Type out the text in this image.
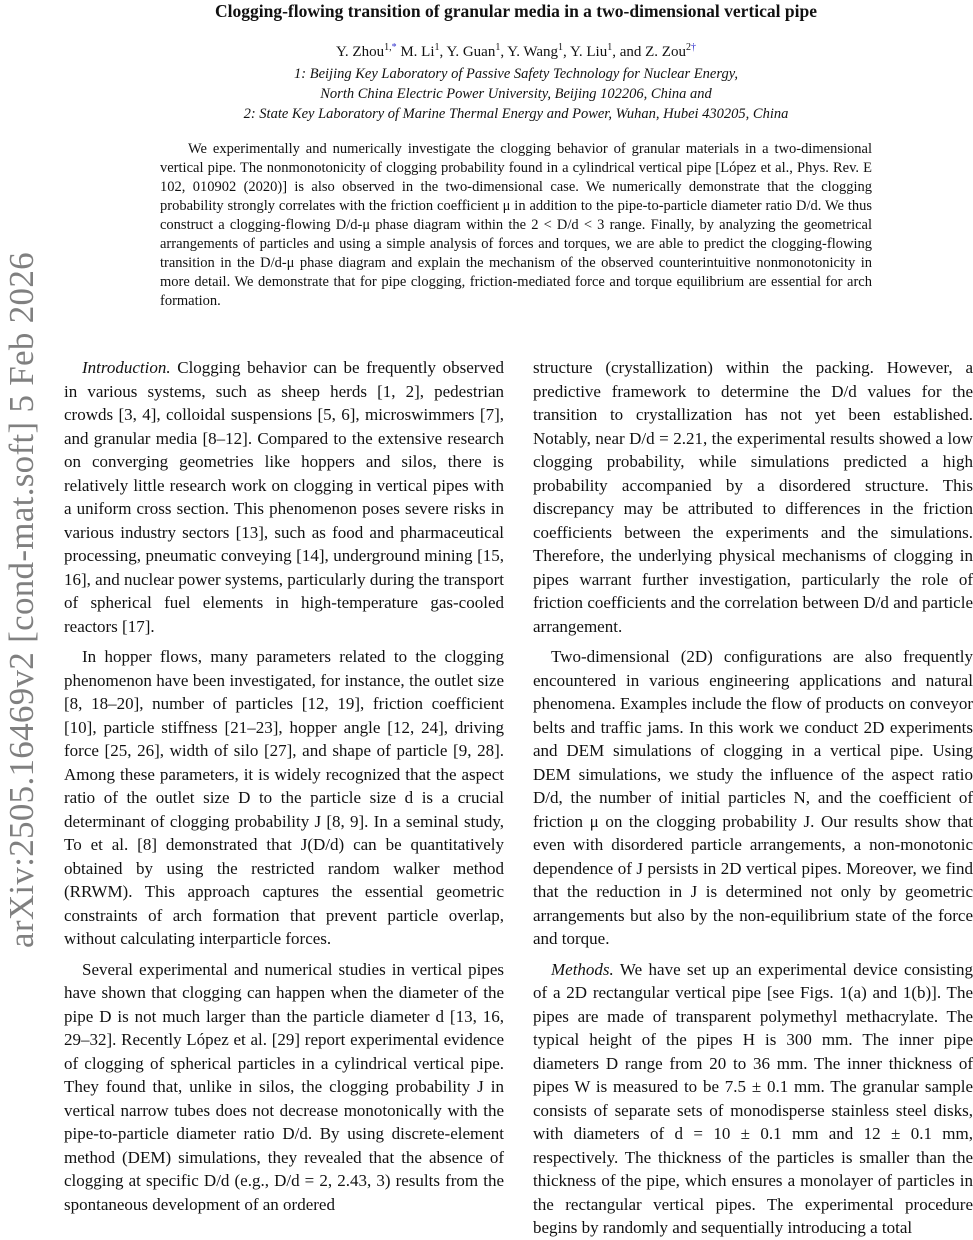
arXiv:2505.16469v2 [cond-mat.soft] 5 Feb 2026
Clogging-flowing transition of granular media in a two-dimensional vertical pipe
Y. Zhou$^{1,*}$ M. Li$^1$, Y. Guan$^1$, Y. Wang$^1$, Y. Liu$^1$, and Z. Zou$^{2\dagger}$
1: Beijing Key Laboratory of Passive Safety Technology for Nuclear Energy,
North China Electric Power University, Beijing 102206, China and
2: State Key Laboratory of Marine Thermal Energy and Power, Wuhan, Hubei 430205, China

We experimentally and numerically investigate the clogging behavior of granular materials in a two-dimensional vertical pipe. The nonmonotonicity of clogging probability found in a cylindrical vertical pipe [López et al., Phys. Rev. E 102, 010902 (2020)] is also observed in the two-dimensional case. We numerically demonstrate that the clogging probability strongly correlates with the friction coefficient μ in addition to the pipe-to-particle diameter ratio D/d. We thus construct a clogging-flowing D/d-μ phase diagram within the 2 < D/d < 3 range. Finally, by analyzing the geometrical arrangements of particles and using a simple analysis of forces and torques, we are able to predict the clogging-flowing transition in the D/d-μ phase diagram and explain the mechanism of the observed counterintuitive nonmonotonicity in more detail. We demonstrate that for pipe clogging, friction-mediated force and torque equilibrium are essential for arch formation.

Introduction. Clogging behavior can be frequently observed in various systems, such as sheep herds [1, 2], pedestrian crowds [3, 4], colloidal suspensions [5, 6], microswimmers [7], and granular media [8–12]. Compared to the extensive research on converging geometries like hoppers and silos, there is relatively little research work on clogging in vertical pipes with a uniform cross section. This phenomenon poses severe risks in various industry sectors [13], such as food and pharmaceutical processing, pneumatic conveying [14], underground mining [15, 16], and nuclear power systems, particularly during the transport of spherical fuel elements in high-temperature gas-cooled reactors [17].

In hopper flows, many parameters related to the clogging phenomenon have been investigated, for instance, the outlet size [8, 18–20], number of particles [12, 19], friction coefficient [10], particle stiffness [21–23], hopper angle [12, 24], driving force [25, 26], width of silo [27], and shape of particle [9, 28]. Among these parameters, it is widely recognized that the aspect ratio of the outlet size D to the particle size d is a crucial determinant of clogging probability J [8, 9]. In a seminal study, To et al. [8] demonstrated that J(D/d) can be quantitatively obtained by using the restricted random walker method (RRWM). This approach captures the essential geometric constraints of arch formation that prevent particle overlap, without calculating interparticle forces.

Several experimental and numerical studies in vertical pipes have shown that clogging can happen when the diameter of the pipe D is not much larger than the particle diameter d [13, 16, 29–32]. Recently López et al. [29] report experimental evidence of clogging of spherical particles in a cylindrical vertical pipe. They found that, unlike in silos, the clogging probability J in vertical narrow tubes does not decrease monotonically with the pipe-to-particle diameter ratio D/d. By using discrete-element method (DEM) simulations, they revealed that the absence of clogging at specific D/d (e.g., D/d = 2, 2.43, 3) results from the spontaneous development of an ordered

structure (crystallization) within the packing. However, a predictive framework to determine the D/d values for the transition to crystallization has not yet been established. Notably, near D/d = 2.21, the experimental results showed a low clogging probability, while simulations predicted a high probability accompanied by a disordered structure. This discrepancy may be attributed to differences in the friction coefficients between the experiments and the simulations. Therefore, the underlying physical mechanisms of clogging in pipes warrant further investigation, particularly the role of friction coefficients and the correlation between D/d and particle arrangement.

Two-dimensional (2D) configurations are also frequently encountered in various engineering applications and natural phenomena. Examples include the flow of products on conveyor belts and traffic jams. In this work we conduct 2D experiments and DEM simulations of clogging in a vertical pipe. Using DEM simulations, we study the influence of the aspect ratio D/d, the number of initial particles N, and the coefficient of friction μ on the clogging probability J. Our results show that even with disordered particle arrangements, a non-monotonic dependence of J persists in 2D vertical pipes. Moreover, we find that the reduction in J is determined not only by geometric arrangements but also by the non-equilibrium state of the force and torque.

Methods. We have set up an experimental device consisting of a 2D rectangular vertical pipe [see Figs. 1(a) and 1(b)]. The pipes are made of transparent polymethyl methacrylate. The typical height of the pipes H is 300 mm. The inner pipe diameters D range from 20 to 36 mm. The inner thickness of pipes W is measured to be 7.5 ± 0.1 mm. The granular sample consists of separate sets of monodisperse stainless steel disks, with diameters of d = 10 ± 0.1 mm and 12 ± 0.1 mm, respectively. The thickness of the particles is smaller than the thickness of the pipe, which ensures a monolayer of particles in the rectangular vertical pipes. The experimental procedure begins by randomly and sequentially introducing a total
